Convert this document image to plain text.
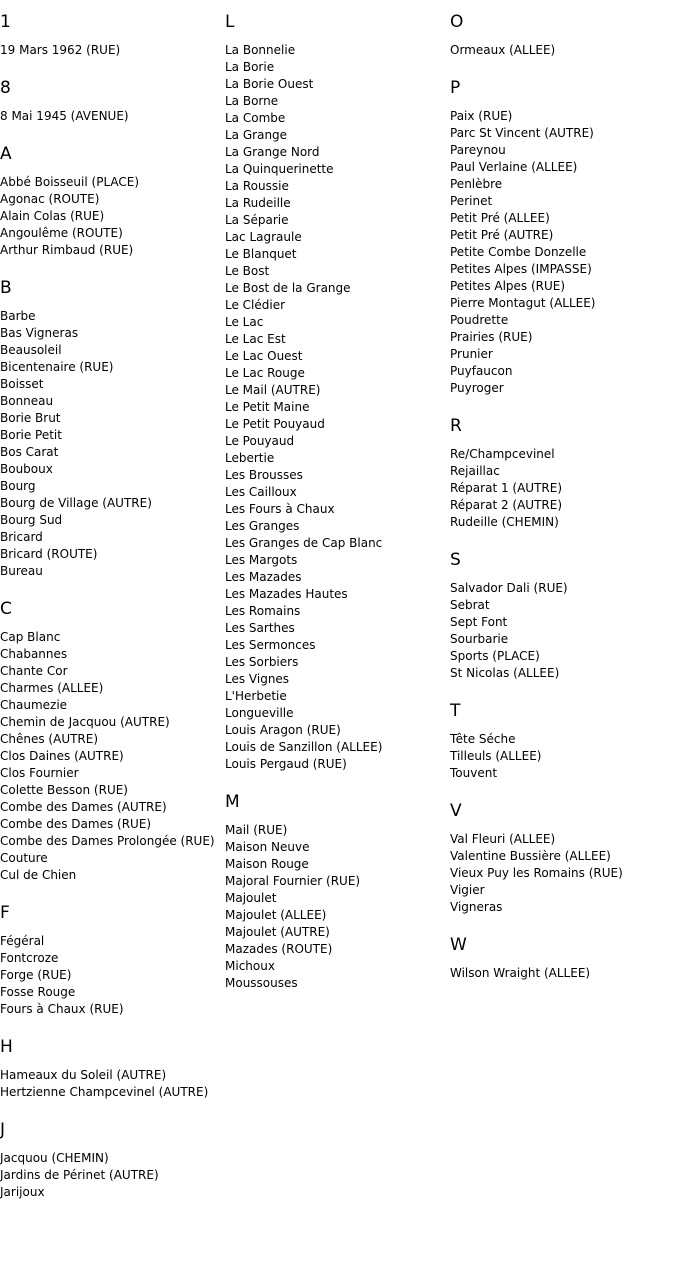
1
19 Mars 1962 (RUE)
8
8 Mai 1945 (AVENUE)
A
Abbé Boisseuil (PLACE)
Agonac (ROUTE)
Alain Colas (RUE)
Angoulême (ROUTE)
Arthur Rimbaud (RUE)
B
Barbe
Bas Vigneras
Beausoleil
Bicentenaire (RUE)
Boisset
Bonneau
Borie Brut
Borie Petit
Bos Carat
Bouboux
Bourg
Bourg de Village (AUTRE)
Bourg Sud
Bricard
Bricard (ROUTE)
Bureau
C
Cap Blanc
Chabannes
Chante Cor
Charmes (ALLEE)
Chaumezie
Chemin de Jacquou (AUTRE)
Chênes (AUTRE)
Clos Daines (AUTRE)
Clos Fournier
Colette Besson (RUE)
Combe des Dames (AUTRE)
Combe des Dames (RUE)
Combe des Dames Prolongée (RUE)
Couture
Cul de Chien
F
Fégéral
Fontcroze
Forge (RUE)
Fosse Rouge
Fours à Chaux (RUE)
H
Hameaux du Soleil (AUTRE)
Hertzienne Champcevinel (AUTRE)
J
Jacquou (CHEMIN)
Jardins de Périnet (AUTRE)
Jarijoux
L
La Bonnelie
La Borie
La Borie Ouest
La Borne
La Combe
La Grange
La Grange Nord
La Quinquerinette
La Roussie
La Rudeille
La Séparie
Lac Lagraule
Le Blanquet
Le Bost
Le Bost de la Grange
Le Clédier
Le Lac
Le Lac Est
Le Lac Ouest
Le Lac Rouge
Le Mail (AUTRE)
Le Petit Maine
Le Petit Pouyaud
Le Pouyaud
Lebertie
Les Brousses
Les Cailloux
Les Fours à Chaux
Les Granges
Les Granges de Cap Blanc
Les Margots
Les Mazades
Les Mazades Hautes
Les Romains
Les Sarthes
Les Sermonces
Les Sorbiers
Les Vignes
L'Herbetie
Longueville
Louis Aragon (RUE)
Louis de Sanzillon (ALLEE)
Louis Pergaud (RUE)
M
Mail (RUE)
Maison Neuve
Maison Rouge
Majoral Fournier (RUE)
Majoulet
Majoulet (ALLEE)
Majoulet (AUTRE)
Mazades (ROUTE)
Michoux
Moussouses
O
Ormeaux (ALLEE)
P
Paix (RUE)
Parc St Vincent (AUTRE)
Pareynou
Paul Verlaine (ALLEE)
Penlèbre
Perinet
Petit Pré (ALLEE)
Petit Pré (AUTRE)
Petite Combe Donzelle
Petites Alpes (IMPASSE)
Petites Alpes (RUE)
Pierre Montagut (ALLEE)
Poudrette
Prairies (RUE)
Prunier
Puyfaucon
Puyroger
R
Re/Champcevinel
Rejaillac
Réparat 1 (AUTRE)
Réparat 2 (AUTRE)
Rudeille (CHEMIN)
S
Salvador Dali (RUE)
Sebrat
Sept Font
Sourbarie
Sports (PLACE)
St Nicolas (ALLEE)
T
Tête Séche
Tilleuls (ALLEE)
Touvent
V
Val Fleuri (ALLEE)
Valentine Bussière (ALLEE)
Vieux Puy les Romains (RUE)
Vigier
Vigneras
W
Wilson Wraight (ALLEE)
